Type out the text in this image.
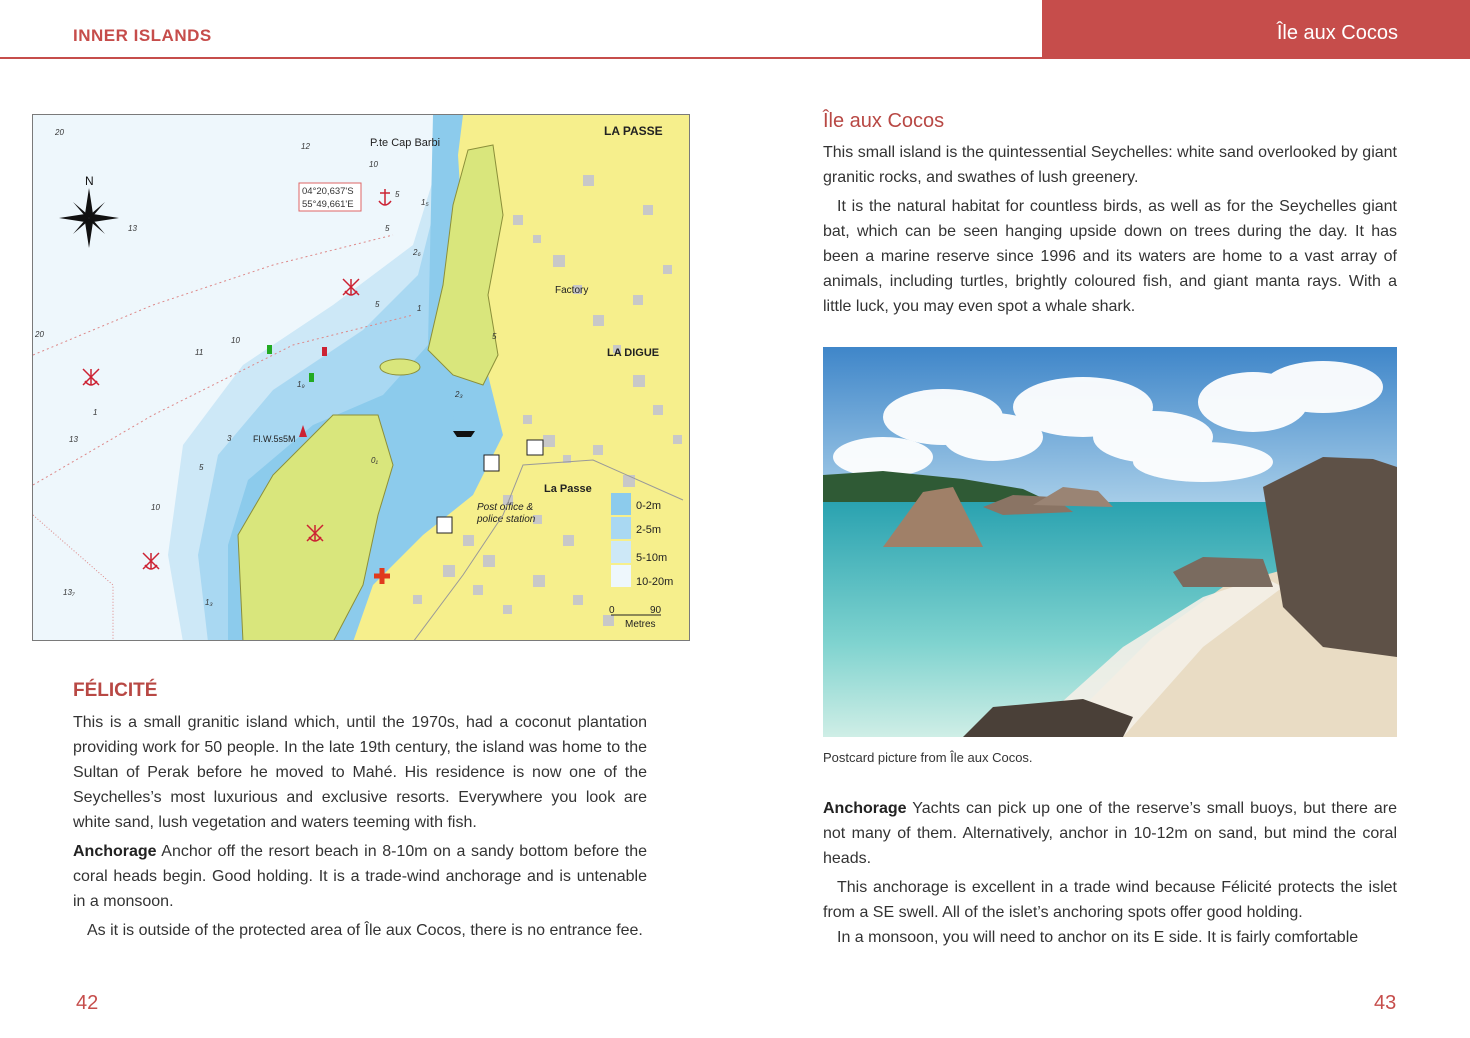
INNER ISLANDS	Île aux Cocos
0-2m
2-5m
5-10m
10-20m
0	90
Metres
N
LA PASSE
LA DIGUE
La Passe
P.te Cap Barbi
Factory
Post office &
police station
Fl.W.5s5M
04°20,637'S
55°49,661'E
20
12
10
13
20
11
10
13	3
5
10
13₇
1₃
0₁
1₉
5
1₅
5
2₆
5	1
5
2₃
1
FÉLICITÉ

This is a small granitic island which, until the 1970s, had a coconut plantation providing work for 50 people. In the late 19th century, the island was home to the Sultan of Perak before he moved to Mahé. His residence is now one of the Seychelles’s most luxurious and exclusive resorts. Everywhere you look are white sand, lush vegetation and waters teeming with fish.

Anchorage Anchor off the resort beach in 8-10m on a sandy bottom before the coral heads begin. Good holding. It is a trade-wind anchorage and is untenable in a monsoon.

As it is outside of the protected area of Île aux Cocos, there is no entrance fee.

42
Île aux Cocos

This small island is the quintessential Seychelles: white sand overlooked by giant granitic rocks, and swathes of lush greenery.

It is the natural habitat for countless birds, as well as for the Seychelles giant bat, which can be seen hanging upside down on trees during the day. It has been a marine reserve since 1996 and its waters are home to a vast array of animals, including turtles, brightly coloured fish, and giant manta rays. With a little luck, you may even spot a whale shark.

Postcard picture from Île aux Cocos.

Anchorage Yachts can pick up one of the reserve’s small buoys, but there are not many of them. Alternatively, anchor in 10-12m on sand, but mind the coral heads.

This anchorage is excellent in a trade wind because Félicité protects the islet from a SE swell. All of the islet’s anchoring spots offer good holding.

In a monsoon, you will need to anchor on its E side. It is fairly comfortable

43
